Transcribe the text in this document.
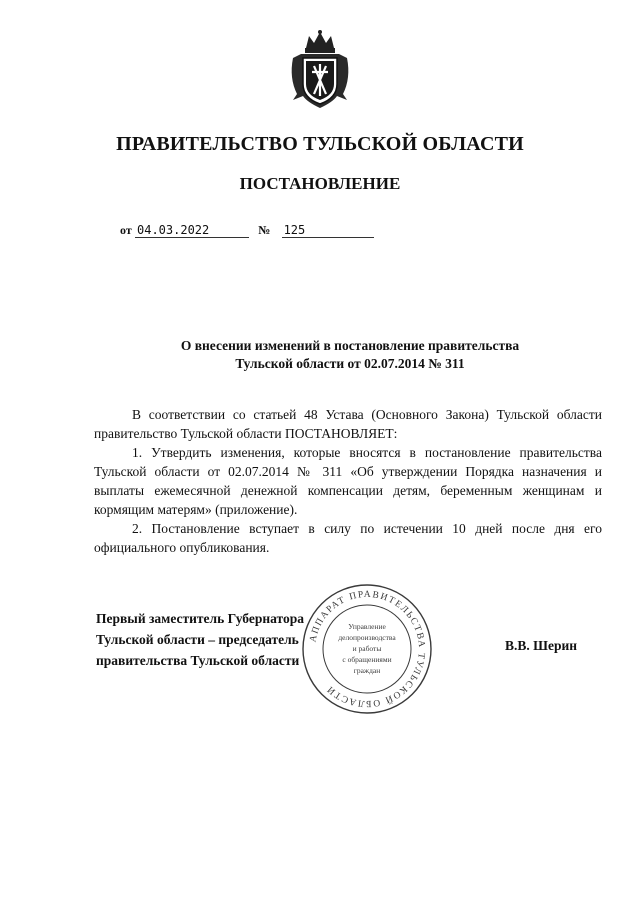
ПРАВИТЕЛЬСТВО ТУЛЬСКОЙ ОБЛАСТИ
ПОСТАНОВЛЕНИЕ
от 04.03.2022	№ 125
О внесении изменений в постановление правительства
Тульской области от 02.07.2014 № 311

В соответствии со статьей 48 Устава (Основного Закона) Тульской области правительство Тульской области ПОСТАНОВЛЯЕТ:

1. Утвердить изменения, которые вносятся в постановление правительства Тульской области от 02.07.2014 № 311 «Об утверждении Порядка назначения и выплаты ежемесячной денежной компенсации детям, беременным женщинам и кормящим матерям» (приложение).

2. Постановление вступает в силу по истечении 10 дней после дня его официального опубликования.

Первый заместитель Губернатора
Тульской области – председатель
правительства Тульской области
В.В. Шерин
АППАРАТ ПРАВИТЕЛЬСТВА ТУЛЬСКОЙ ОБЛАСТИ
Управление
делопроизводства
и работы
с обращениями
граждан
